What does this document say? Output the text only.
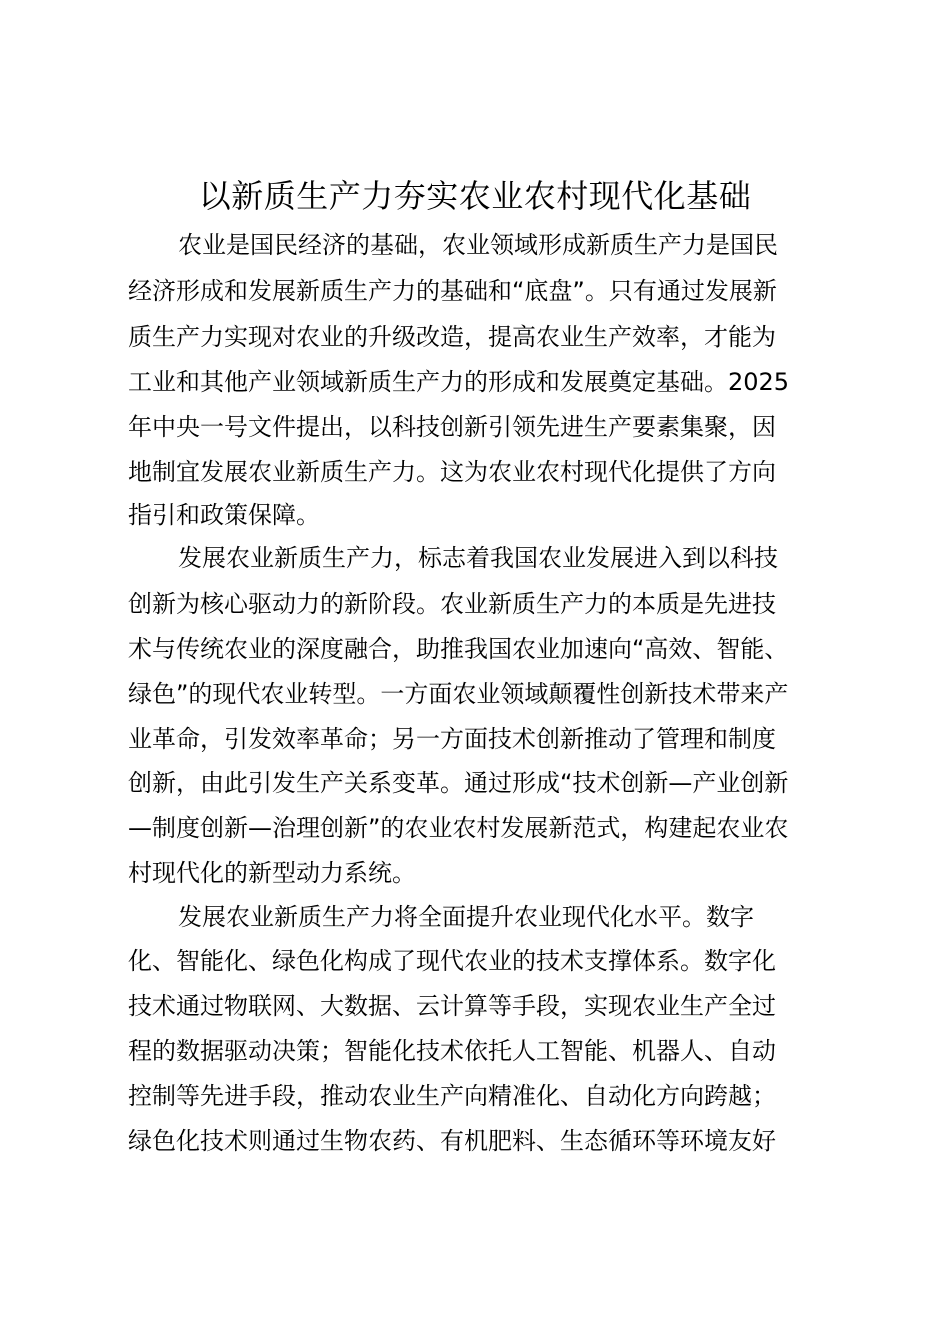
以新质生产力夯实农业农村现代化基础
农业是国民经济的基础，农业领域形成新质生产力是国民
经济形成和发展新质生产力的基础和“底盘”。只有通过发展新
质生产力实现对农业的升级改造，提高农业生产效率，才能为
工业和其他产业领域新质生产力的形成和发展奠定基础。2025
年中央一号文件提出，以科技创新引领先进生产要素集聚，因
地制宜发展农业新质生产力。这为农业农村现代化提供了方向
指引和政策保障。
发展农业新质生产力，标志着我国农业发展进入到以科技
创新为核心驱动力的新阶段。农业新质生产力的本质是先进技
术与传统农业的深度融合，助推我国农业加速向“高效、智能、
绿色”的现代农业转型。一方面农业领域颠覆性创新技术带来产
业革命，引发效率革命；另一方面技术创新推动了管理和制度
创新，由此引发生产关系变革。通过形成“技术创新—产业创新
—制度创新—治理创新”的农业农村发展新范式，构建起农业农
村现代化的新型动力系统。
发展农业新质生产力将全面提升农业现代化水平。数字
化、智能化、绿色化构成了现代农业的技术支撑体系。数字化
技术通过物联网、大数据、云计算等手段，实现农业生产全过
程的数据驱动决策；智能化技术依托人工智能、机器人、自动
控制等先进手段，推动农业生产向精准化、自动化方向跨越；
绿色化技术则通过生物农药、有机肥料、生态循环等环境友好
